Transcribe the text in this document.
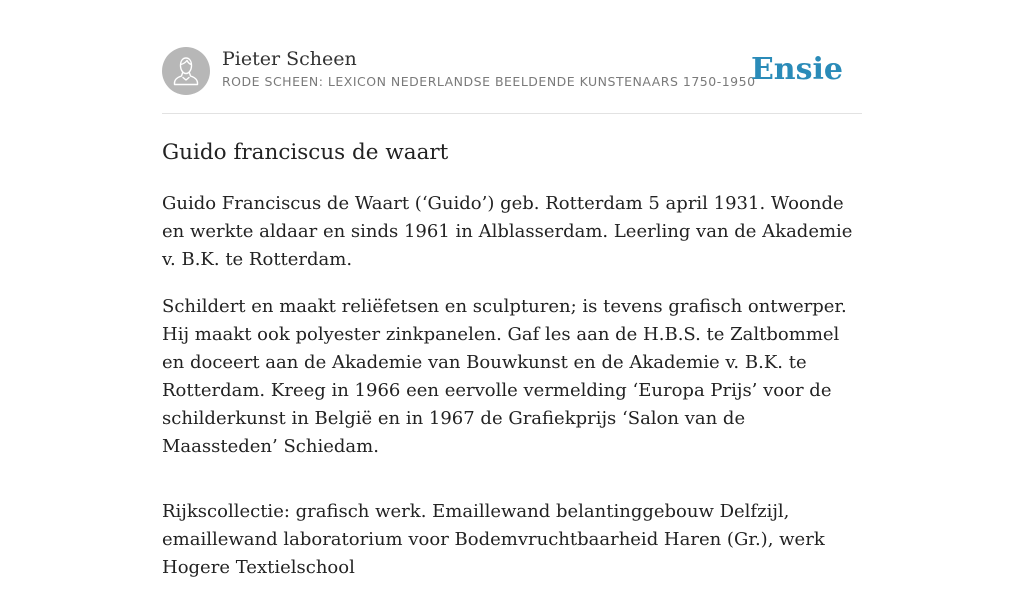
Pieter Scheen
RODE SCHEEN: LEXICON NEDERLANDSE BEELDENDE KUNSTENAARS 1750-1950
Ensie
Guido franciscus de waart

Guido Franciscus de Waart (‘Guido’) geb. Rotterdam 5 april 1931. Woonde en werkte aldaar en sinds 1961 in Alblasserdam. Leerling van de Akademie v. B.K. te Rotterdam.

Schildert en maakt reliëfetsen en sculpturen; is tevens grafisch ontwerper. Hij maakt ook polyester zinkpanelen. Gaf les aan de H.B.S. te Zaltbommel en doceert aan de Akademie van Bouwkunst en de Akademie v. B.K. te Rotterdam. Kreeg in 1966 een eervolle vermelding ‘Europa Prijs’ voor de schilderkunst in België en in 1967 de Grafiekprijs ‘Salon van de Maassteden’ Schiedam.

Rijkscollectie: grafisch werk. Emaillewand belantinggebouw Delfzijl, emaillewand laboratorium voor Bodemvruchtbaarheid Haren (Gr.), werk Hogere Textielschool
